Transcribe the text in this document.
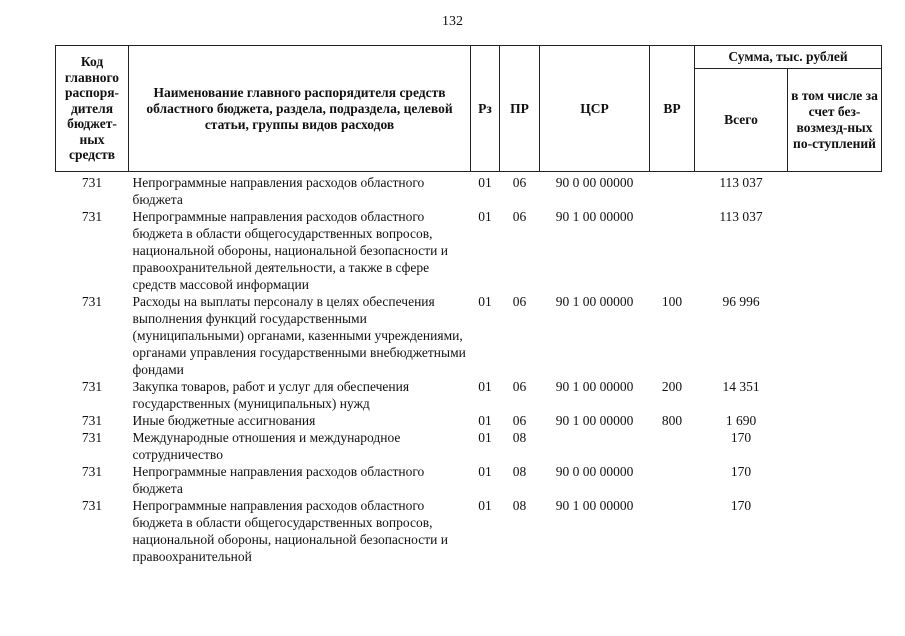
132
Код главного распоря-дителя бюджет-ных средств	Наименование главного распорядителя средств областного бюджета, раздела, подраздела, целевой статьи, группы видов расходов	Рз	ПР	ЦСР	ВР	Сумма, тыс. рублей	
						Всего	в том числе за счет без-возмезд-ных по-ступлений

731	Непрограммные направления расходов областного бюджета	01	06	90 0 00 00000		113 037	
731	Непрограммные направления расходов областного бюджета в области общегосударственных вопросов, национальной обороны, национальной безопасности и правоохранительной деятельности, а также в сфере средств массовой информации	01	06	90 1 00 00000		113 037	
731	Расходы на выплаты персоналу в целях обеспечения выполнения функций государственными (муниципальными) органами, казенными учреждениями, органами управления государственными внебюджетными фондами	01	06	90 1 00 00000	100	96 996	
731	Закупка товаров, работ и услуг для обеспечения государственных (муниципальных) нужд	01	06	90 1 00 00000	200	14 351	
731	Иные бюджетные ассигнования	01	06	90 1 00 00000	800	1 690	
731	Международные отношения и международное сотрудничество	01	08			170	
731	Непрограммные направления расходов областного бюджета	01	08	90 0 00 00000		170	
731	Непрограммные направления расходов областного бюджета в области общегосударственных вопросов, национальной обороны, национальной безопасности и правоохранительной	01	08	90 1 00 00000		170	
